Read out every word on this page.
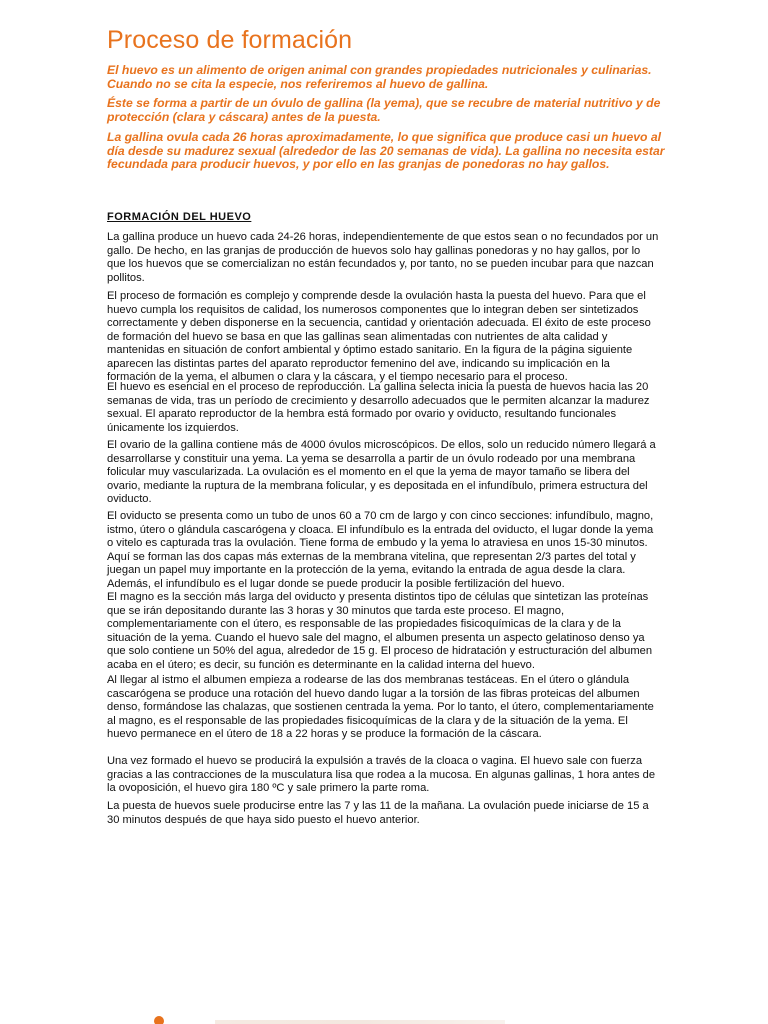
Proceso de formación

El huevo es un alimento de origen animal con grandes propiedades nutricionales y culinarias. Cuando no se cita la especie, nos referiremos al huevo de gallina.

Éste se forma a partir de un óvulo de gallina (la yema), que se recubre de material nutritivo y de protección (clara y cáscara) antes de la puesta.

La gallina ovula cada 26 horas aproximadamente, lo que significa que produce casi un huevo al día desde su madurez sexual (alrededor de las 20 semanas de vida). La gallina no necesita estar fecundada para producir huevos, y por ello en las granjas de ponedoras no hay gallos.

FORMACIÓN DEL HUEVO

La gallina produce un huevo cada 24-26 horas, independientemente de que estos sean o no fecundados por un gallo. De hecho, en las granjas de producción de huevos solo hay gallinas ponedoras y no hay gallos, por lo que los huevos que se comercializan no están fecundados y, por tanto, no se pueden incubar para que nazcan pollitos.

El proceso de formación es complejo y comprende desde la ovulación hasta la puesta del huevo. Para que el huevo cumpla los requisitos de calidad, los numerosos componentes que lo integran deben ser sintetizados correctamente y deben disponerse en la secuencia, cantidad y orientación adecuada. El éxito de este proceso de formación del huevo se basa en que las gallinas sean alimentadas con nutrientes de alta calidad y mantenidas en situación de confort ambiental y óptimo estado sanitario. En la figura de la página siguiente aparecen las distintas partes del aparato reproductor femenino del ave, indicando su implicación en la formación de la yema, el albumen o clara y la cáscara, y el tiempo necesario para el proceso.

El huevo es esencial en el proceso de reproducción. La gallina selecta inicia la puesta de huevos hacia las 20 semanas de vida, tras un período de crecimiento y desarrollo adecuados que le permiten alcanzar la madurez sexual. El aparato reproductor de la hembra está formado por ovario y oviducto, resultando funcionales únicamente los izquierdos.

El ovario de la gallina contiene más de 4000 óvulos microscópicos. De ellos, solo un reducido número llegará a desarrollarse y constituir una yema. La yema se desarrolla a partir de un óvulo rodeado por una membrana folicular muy vascularizada. La ovulación es el momento en el que la yema de mayor tamaño se libera del ovario, mediante la ruptura de la membrana folicular, y es depositada en el infundíbulo, primera estructura del oviducto.

El oviducto se presenta como un tubo de unos 60 a 70 cm de largo y con cinco secciones: infundíbulo, magno, istmo, útero o glándula cascarógena y cloaca. El infundíbulo es la entrada del oviducto, el lugar donde la yema o vitelo es capturada tras la ovulación. Tiene forma de embudo y la yema lo atraviesa en unos 15-30 minutos. Aquí se forman las dos capas más externas de la membrana vitelina, que representan 2/3 partes del total y juegan un papel muy importante en la protección de la yema, evitando la entrada de agua desde la clara. Además, el infundíbulo es el lugar donde se puede producir la posible fertilización del huevo.

El magno es la sección más larga del oviducto y presenta distintos tipo de células que sintetizan las proteínas que se irán depositando durante las 3 horas y 30 minutos que tarda este proceso. El magno, complementariamente con el útero, es responsable de las propiedades fisicoquímicas de la clara y de la situación de la yema. Cuando el huevo sale del magno, el albumen presenta un aspecto gelatinoso denso ya que solo contiene un 50% del agua, alrededor de 15 g. El proceso de hidratación y estructuración del albumen acaba en el útero; es decir, su función es determinante en la calidad interna del huevo.

Al llegar al istmo el albumen empieza a rodearse de las dos membranas testáceas. En el útero o glándula cascarógena se produce una rotación del huevo dando lugar a la torsión de las fibras proteicas del albumen denso, formándose las chalazas, que sostienen centrada la yema. Por lo tanto, el útero, complementariamente al magno, es el responsable de las propiedades fisicoquímicas de la clara y de la situación de la yema. El huevo permanece en el útero de 18 a 22 horas y se produce la formación de la cáscara.

Una vez formado el huevo se producirá la expulsión a través de la cloaca o vagina. El huevo sale con fuerza gracias a las contracciones de la musculatura lisa que rodea a la mucosa. En algunas gallinas, 1 hora antes de la ovoposición, el huevo gira 180 ºC y sale primero la parte roma.

La puesta de huevos suele producirse entre las 7 y las 11 de la mañana. La ovulación puede iniciarse de 15 a 30 minutos después de que haya sido puesto el huevo anterior.
